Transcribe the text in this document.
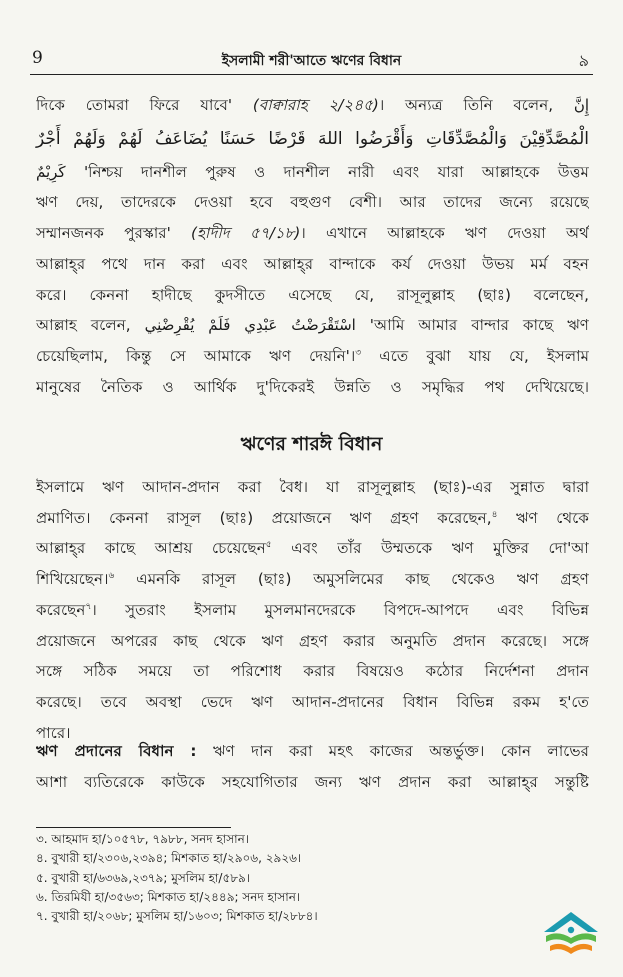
9	ইসলামী শরী'আতে ঋণের বিধান	৯

দিকে তোমরা ফিরে যাবে' (বাক্বারাহ ২/২৪৫)। অন্যত্র তিনি বলেন, إِنَّ

الْمُصَّدِّقِيْنَ وَالْمُصَّدِّقَاتِ وَأَقْرَضُوا اللهَ قَرْضًا حَسَنًا يُضَاعَفُ لَهُمْ وَلَهُمْ أَجْرٌ

كَرِيْمٌ 'নিশ্চয় দানশীল পুরুষ ও দানশীল নারী এবং যারা আল্লাহকে উত্তম

ঋণ দেয়, তাদেরকে দেওয়া হবে বহুগুণ বেশী। আর তাদের জন্যে রয়েছে

সম্মানজনক পুরস্কার' (হাদীদ ৫৭/১৮)। এখানে আল্লাহকে ঋণ দেওয়া অর্থ

আল্লাহ্‌র পথে দান করা এবং আল্লাহ্‌র বান্দাকে কর্য দেওয়া উভয় মর্ম বহন

করে। কেননা হাদীছে কুদসীতে এসেছে যে, রাসূলুল্লাহ (ছাঃ) বলেছেন,

আল্লাহ বলেন, اسْتَقْرَضْتُ عَبْدِي فَلَمْ يُقْرِضْنِي 'আমি আমার বান্দার কাছে ঋণ

চেয়েছিলাম, কিন্তু সে আমাকে ঋণ দেয়নি'।$^৩$ এতে বুঝা যায় যে, ইসলাম

মানুষের নৈতিক ও আর্থিক দু'দিকেরই উন্নতি ও সমৃদ্ধির পথ দেখিয়েছে।

ঋণের শারঈ বিধান

ইসলামে ঋণ আদান-প্রদান করা বৈধ। যা রাসূলুল্লাহ (ছাঃ)-এর সুন্নাত দ্বারা

প্রমাণিত। কেননা রাসূল (ছাঃ) প্রয়োজনে ঋণ গ্রহণ করেছেন,$^৪$ ঋণ থেকে

আল্লাহ্‌র কাছে আশ্রয় চেয়েছেন$^৫$ এবং তাঁর উম্মতকে ঋণ মুক্তির দো'আ

শিখিয়েছেন।$^৬$ এমনকি রাসূল (ছাঃ) অমুসলিমের কাছ থেকেও ঋণ গ্রহণ

করেছেন$^৭$। সুতরাং ইসলাম মুসলমানদেরকে বিপদে-আপদে এবং বিভিন্ন

প্রয়োজনে অপরের কাছ থেকে ঋণ গ্রহণ করার অনুমতি প্রদান করেছে। সঙ্গে

সঙ্গে সঠিক সময়ে তা পরিশোধ করার বিষয়েও কঠোর নির্দেশনা প্রদান

করেছে। তবে অবস্থা ভেদে ঋণ আদান-প্রদানের বিধান বিভিন্ন রকম হ'তে

পারে।

ঋণ প্রদানের বিধান : ঋণ দান করা মহৎ কাজের অন্তর্ভুক্ত। কোন লাভের

আশা ব্যতিরেকে কাউকে সহযোগিতার জন্য ঋণ প্রদান করা আল্লাহ্‌র সন্তুষ্টি

৩. আহমাদ হা/১০৫৭৮, ৭৯৮৮, সনদ হাসান।
৪. বুখারী হা/২৩০৬,২৩৯৪; মিশকাত হা/২৯০৬, ২৯২৬।
৫. বুখারী হা/৬৩৬৯,২৩৭৯; মুসলিম হা/৫৮৯।
৬. তিরমিযী হা/৩৫৬৩; মিশকাত হা/২৪৪৯; সনদ হাসান।
৭. বুখারী হা/২০৬৮; মুসলিম হা/১৬০৩; মিশকাত হা/২৮৮৪।
